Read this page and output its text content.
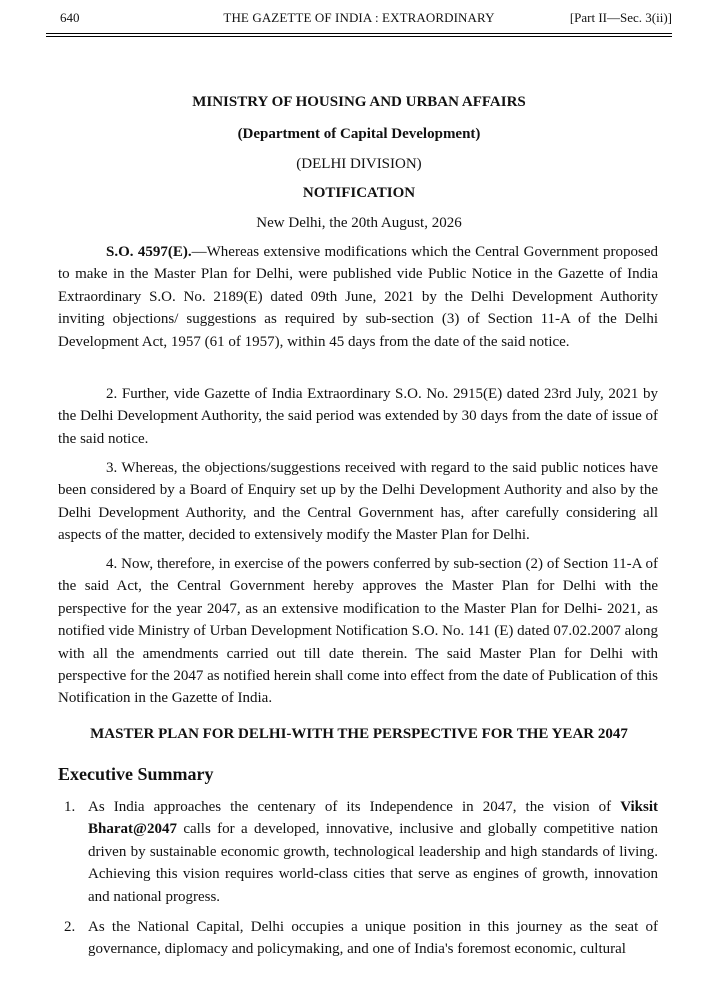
640	THE GAZETTE OF INDIA : EXTRAORDINARY	[Part II—Sec. 3(ii)]
MINISTRY OF HOUSING AND URBAN AFFAIRS
(Department of Capital Development)
(DELHI DIVISION)
NOTIFICATION
New Delhi, the 20th August, 2026
S.O. 4597(E).—Whereas extensive modifications which the Central Government proposed to make in the Master Plan for Delhi, were published vide Public Notice in the Gazette of India Extraordinary S.O. No. 2189(E) dated 09th June, 2021 by the Delhi Development Authority inviting objections/ suggestions as required by sub-section (3) of Section 11-A of the Delhi Development Act, 1957 (61 of 1957), within 45 days from the date of the said notice.
2. Further, vide Gazette of India Extraordinary S.O. No. 2915(E) dated 23rd July, 2021 by the Delhi Development Authority, the said period was extended by 30 days from the date of issue of the said notice.
3. Whereas, the objections/suggestions received with regard to the said public notices have been considered by a Board of Enquiry set up by the Delhi Development Authority and also by the Delhi Development Authority, and the Central Government has, after carefully considering all aspects of the matter, decided to extensively modify the Master Plan for Delhi.
4. Now, therefore, in exercise of the powers conferred by sub-section (2) of Section 11-A of the said Act, the Central Government hereby approves the Master Plan for Delhi with the perspective for the year 2047, as an extensive modification to the Master Plan for Delhi- 2021, as notified vide Ministry of Urban Development Notification S.O. No. 141 (E) dated 07.02.2007 along with all the amendments carried out till date therein. The said Master Plan for Delhi with perspective for the 2047 as notified herein shall come into effect from the date of Publication of this Notification in the Gazette of India.
MASTER PLAN FOR DELHI-WITH THE PERSPECTIVE FOR THE YEAR 2047
Executive Summary
1. As India approaches the centenary of its Independence in 2047, the vision of Viksit Bharat@2047 calls for a developed, innovative, inclusive and globally competitive nation driven by sustainable economic growth, technological leadership and high standards of living. Achieving this vision requires world-class cities that serve as engines of growth, innovation and national progress.
2. As the National Capital, Delhi occupies a unique position in this journey as the seat of governance, diplomacy and policymaking, and one of India's foremost economic, cultural
